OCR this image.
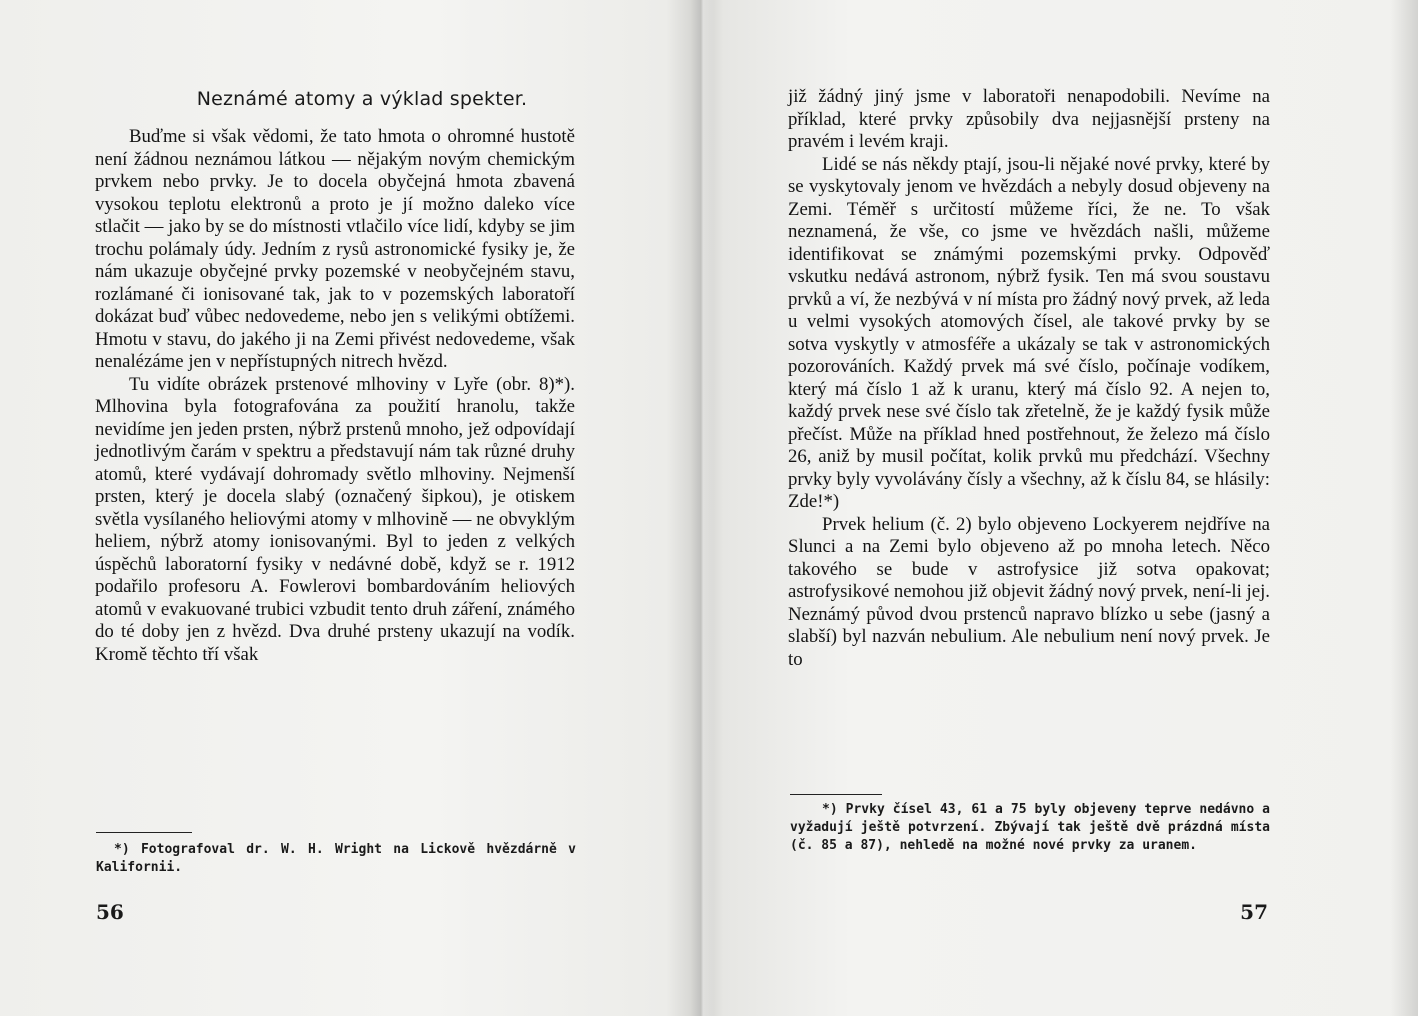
Neznámé atomy a výklad spekter.

Buďme si však vědomi, že tato hmota o ohromné hustotě není žádnou neznámou látkou — nějakým novým chemickým prvkem nebo prvky. Je to docela obyčejná hmota zbavená vysokou teplotu elektronů a proto je jí možno daleko více stlačit — jako by se do místnosti vtlačilo více lidí, kdyby se jim trochu polámaly údy. Jedním z rysů astronomické fysiky je, že nám ukazuje obyčejné prvky pozemské v neobyčejném stavu, rozlámané či ionisované tak, jak to v pozemských laboratoří dokázat buď vůbec nedovedeme, nebo jen s velikými obtížemi. Hmotu v stavu, do jakého ji na Zemi přivést nedovedeme, však nenalézáme jen v nepřístupných nitrech hvězd.

Tu vidíte obrázek prstenové mlhoviny v Lyře (obr. 8)*). Mlhovina byla fotografována za použití hranolu, takže nevidíme jen jeden prsten, nýbrž prstenů mnoho, jež odpovídají jednotlivým čarám v spektru a představují nám tak různé druhy atomů, které vydávají dohromady světlo mlhoviny. Nejmenší prsten, který je docela slabý (označený šipkou), je otiskem světla vysílaného heliovými atomy v mlhovině — ne obvyklým heliem, nýbrž atomy ionisovanými. Byl to jeden z velkých úspěchů laboratorní fysiky v nedávné době, když se r. 1912 podařilo profesoru A. Fowlerovi bombardováním heliových atomů v evakuované trubici vzbudit tento druh záření, známého do té doby jen z hvězd. Dva druhé prsteny ukazují na vodík. Kromě těchto tří však

*) Fotografoval dr. W. H. Wright na Lickově hvězdárně v Kalifornii.
56

již žádný jiný jsme v laboratoři nenapodobili. Nevíme na příklad, které prvky způsobily dva nejjasnější prsteny na pravém i levém kraji.

Lidé se nás někdy ptají, jsou-li nějaké nové prvky, které by se vyskytovaly jenom ve hvězdách a nebyly dosud objeveny na Zemi. Téměř s určitostí můžeme říci, že ne. To však neznamená, že vše, co jsme ve hvězdách našli, můžeme identifikovat se známými pozemskými prvky. Odpověď vskutku nedává astronom, nýbrž fysik. Ten má svou soustavu prvků a ví, že nezbývá v ní místa pro žádný nový prvek, až leda u velmi vysokých atomových čísel, ale takové prvky by se sotva vyskytly v atmosféře a ukázaly se tak v astronomických pozorováních. Každý prvek má své číslo, počínaje vodíkem, který má číslo 1 až k uranu, který má číslo 92. A nejen to, každý prvek nese své číslo tak zřetelně, že je každý fysik může přečíst. Může na příklad hned postřehnout, že železo má číslo 26, aniž by musil počítat, kolik prvků mu předchází. Všechny prvky byly vyvolávány čísly a všechny, až k číslu 84, se hlásily: Zde!*)

Prvek helium (č. 2) bylo objeveno Lockyerem nejdříve na Slunci a na Zemi bylo objeveno až po mnoha letech. Něco takového se bude v astrofysice již sotva opakovat; astrofysikové nemohou již objevit žádný nový prvek, není-li jej. Neznámý původ dvou prstenců napravo blízko u sebe (jasný a slabší) byl nazván nebulium. Ale nebulium není nový prvek. Je to

*) Prvky čísel 43, 61 a 75 byly objeveny teprve nedávno a vyžadují ještě potvrzení. Zbývají tak ještě dvě prázdná místa (č. 85 a 87), nehledě na možné nové prvky za uranem.
57
